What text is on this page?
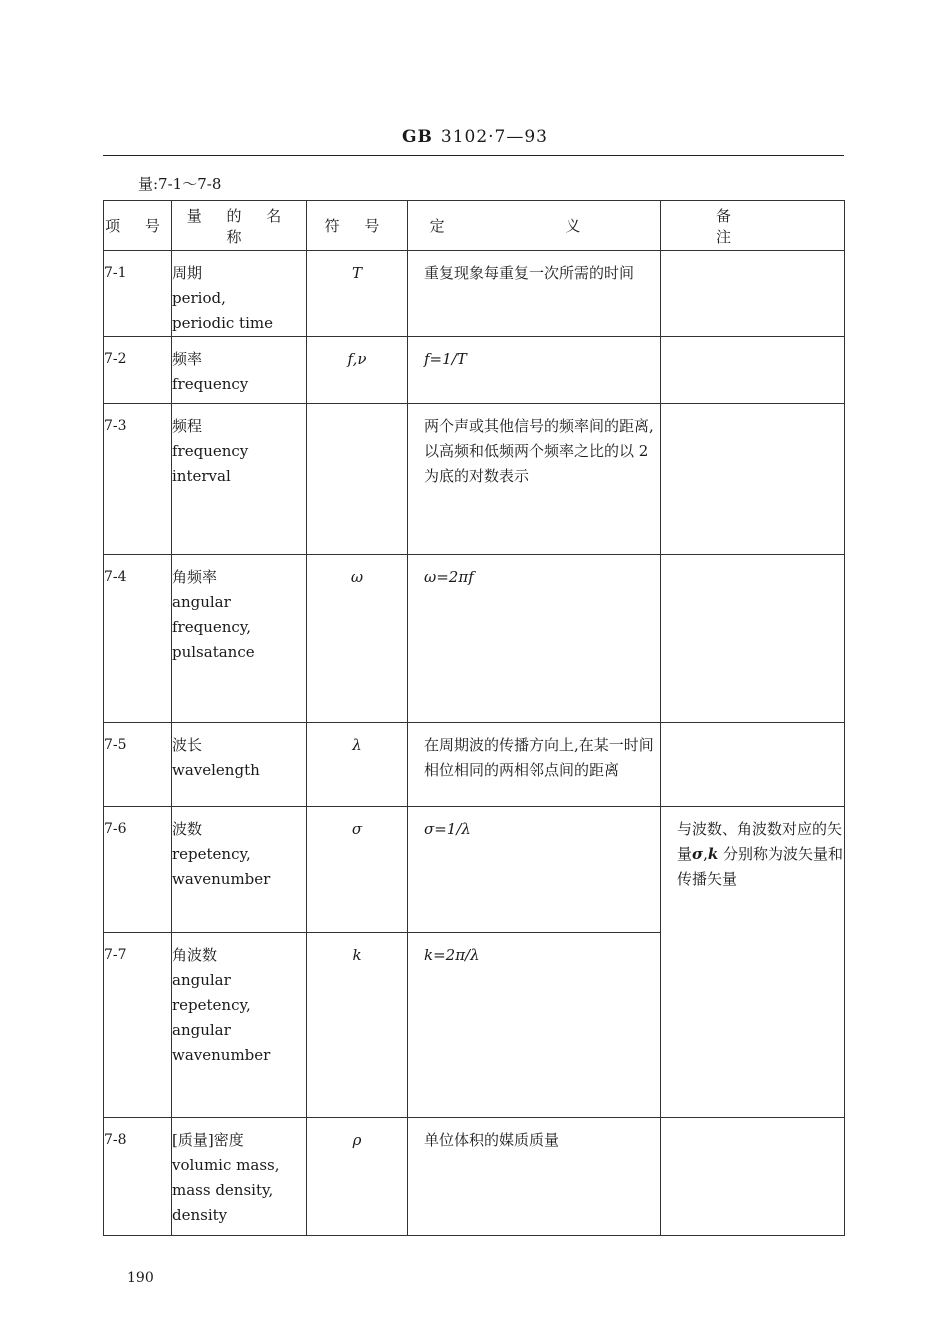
GB 3102·7—93
量:7-1～7-8
项 号	量 的 名 称	符 号	定 义	备 注
7-1	周期
period,
periodic time	T	重复现象每重复一次所需的时间	
7-2	频率
frequency	f,ν	f=1/T	
7-3	频程
frequency
interval		两个声或其他信号的频率间的距离,以高频和低频两个频率之比的以 2 为底的对数表示	
7-4	角频率
angular
frequency,
pulsatance	ω	ω=2πf	
7-5	波长
wavelength	λ	在周期波的传播方向上,在某一时间相位相同的两相邻点间的距离	
7-6	波数
repetency,
wavenumber	σ	σ=1/λ	与波数、角波数对应的矢量σ,k 分别称为波矢量和传播矢量
7-7	角波数
angular
repetency,
angular
wavenumber	k	k=2π/λ	
7-8	[质量]密度
volumic mass,
mass density,
density	ρ	单位体积的媒质质量	
190
